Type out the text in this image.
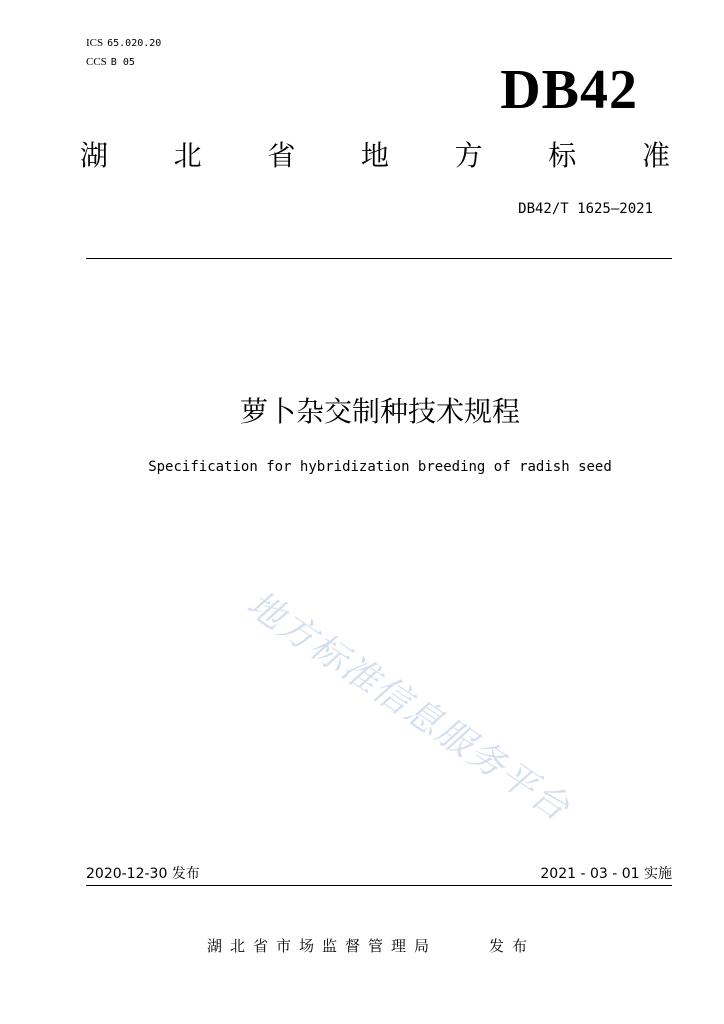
ICS 65.020.20
CCS B 05	DB42
湖 北 省 地 方 标 准
DB42/T 1625—2021
萝卜杂交制种技术规程
Specification for hybridization breeding of radish seed
地方标准信息服务平台
2020-12-30 发布	2021 - 03 - 01 实施
湖北省市场监督管理局	发布
